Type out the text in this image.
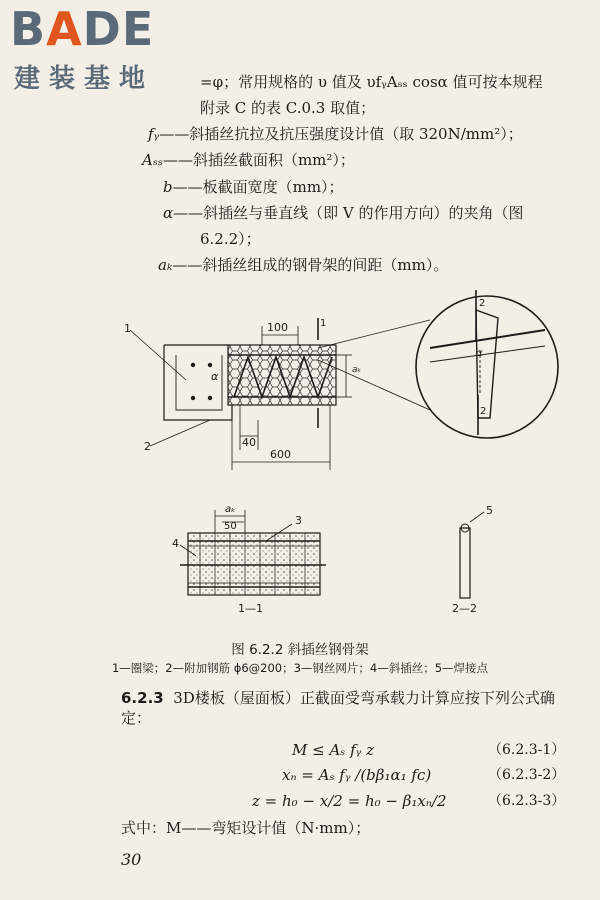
BADE
建装基地	=φ；常用规格的 υ 值及 υfᵧAₛₛ cosα 值可按本规程
附录 C 的表 C.0.3 取值；
fᵧ——斜插丝抗拉及抗压强度设计值（取 320N/mm²）；
Aₛₛ——斜插丝截面积（mm²）；
b——板截面宽度（mm）；
α——斜插丝与垂直线（即 V 的作用方向）的夹角（图
6.2.2）；
aₖ——斜插丝组成的钢骨架的间距（mm）。
100
40
600
1
2
α	aₖ
α
2
2
1
aₖ
50	3
4
5
1—1	2—2
图 6.2.2 斜插丝钢骨架
1—圈梁；2—附加钢筋 ϕ6@200；3—钢丝网片；4—斜插丝；5—焊接点
6.2.3 3D楼板（屋面板）正截面受弯承载力计算应按下列公式确定：
M ≤ Aₛ fᵧ z	（6.2.3-1）
xₙ = Aₛ fᵧ /(bβ₁α₁ fᴄ)	（6.2.3-2）
z = h₀ − x/2 = h₀ − β₁xₙ/2	（6.2.3-3）
式中：M——弯矩设计值（N·mm）；
30
